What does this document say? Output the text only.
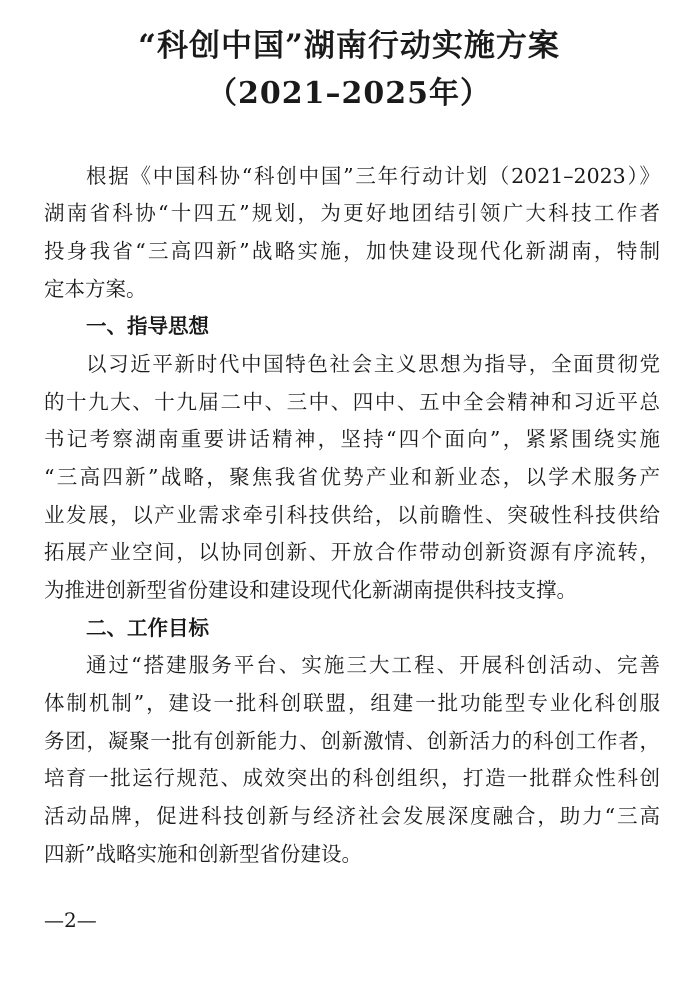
“科创中国”湖南行动实施方案
（2021–2025年）
根据《中国科协“科创中国”三年行动计划（2021–2023）》
湖南省科协“十四五”规划，为更好地团结引领广大科技工作者
投身我省“三高四新”战略实施，加快建设现代化新湖南，特制
定本方案。
一、指导思想
以习近平新时代中国特色社会主义思想为指导，全面贯彻党
的十九大、十九届二中、三中、四中、五中全会精神和习近平总
书记考察湖南重要讲话精神，坚持“四个面向”，紧紧围绕实施
“三高四新”战略，聚焦我省优势产业和新业态，以学术服务产
业发展，以产业需求牵引科技供给，以前瞻性、突破性科技供给
拓展产业空间，以协同创新、开放合作带动创新资源有序流转，
为推进创新型省份建设和建设现代化新湖南提供科技支撑。
二、工作目标
通过“搭建服务平台、实施三大工程、开展科创活动、完善
体制机制”，建设一批科创联盟，组建一批功能型专业化科创服
务团，凝聚一批有创新能力、创新激情、创新活力的科创工作者，
培育一批运行规范、成效突出的科创组织，打造一批群众性科创
活动品牌，促进科技创新与经济社会发展深度融合，助力“三高
四新”战略实施和创新型省份建设。
—2—
